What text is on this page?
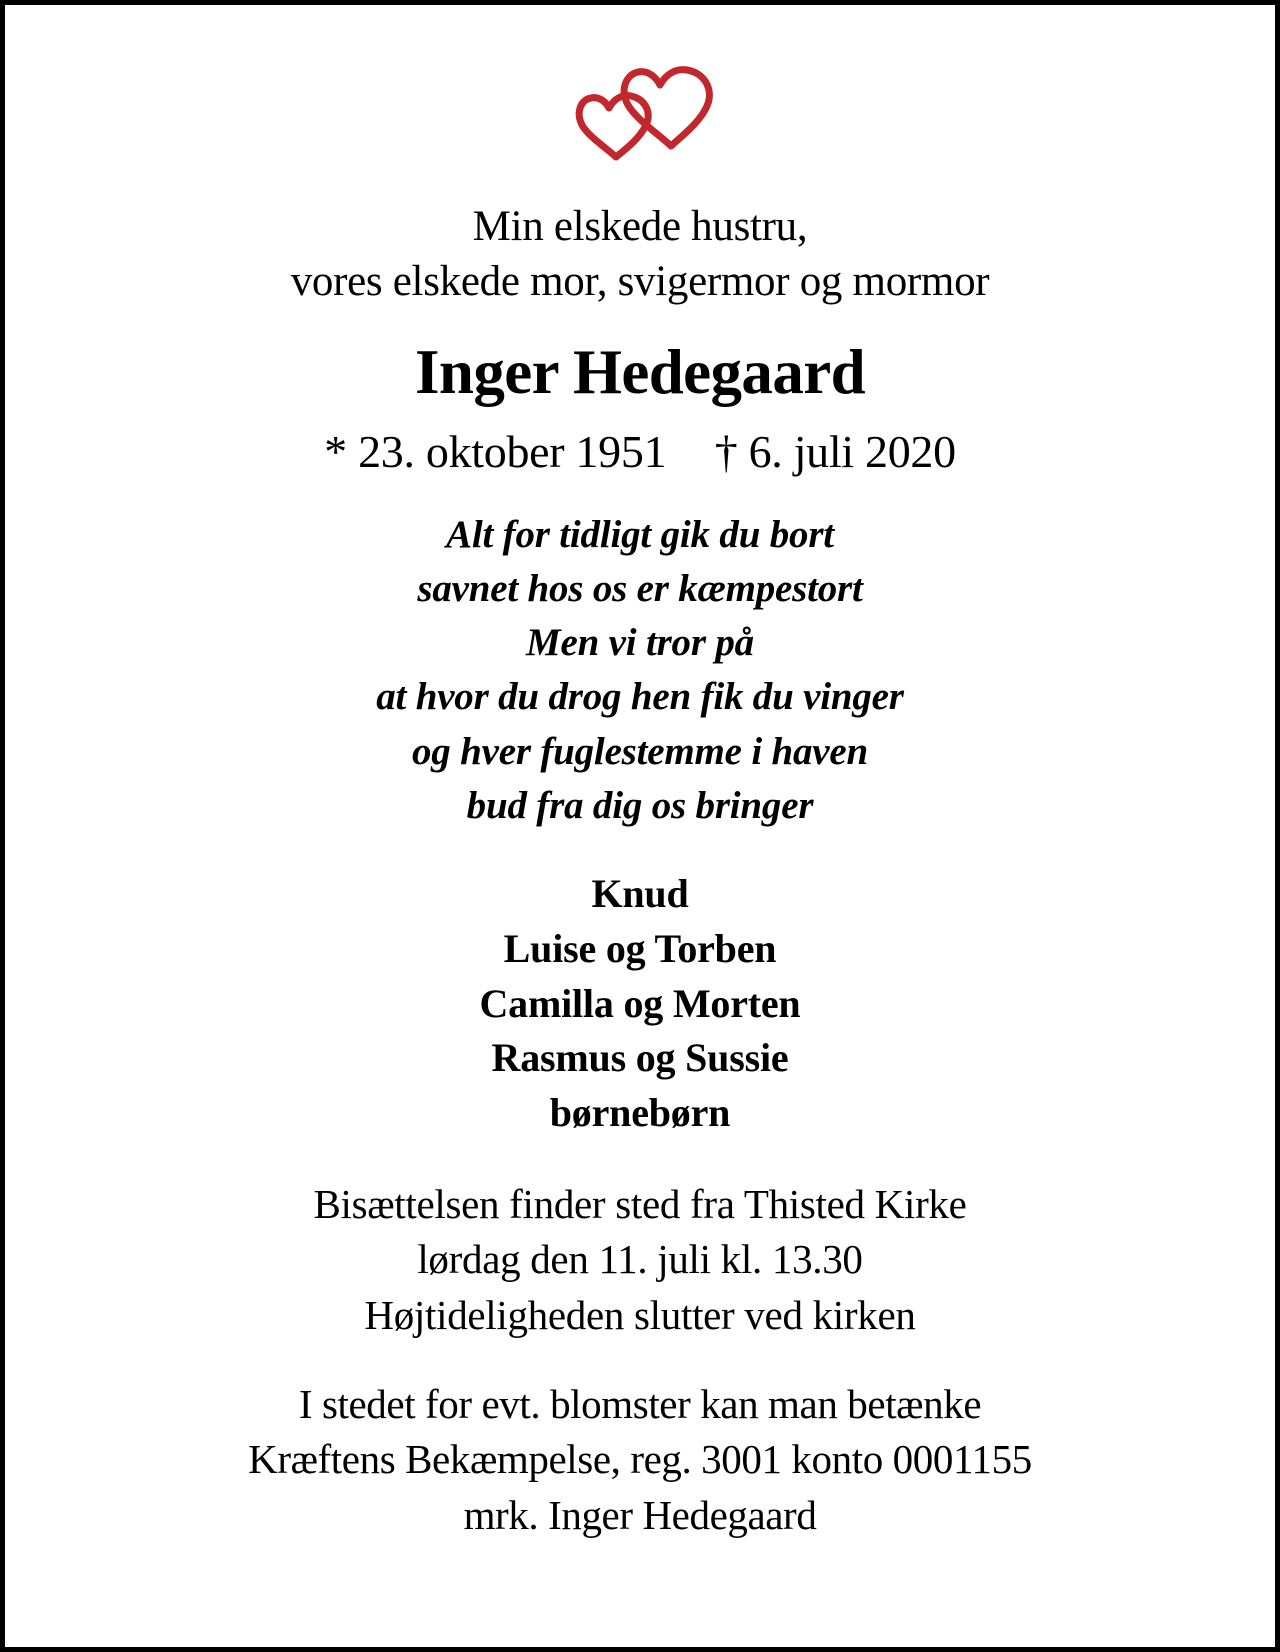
Min elskede hustru,
vores elskede mor, svigermor og mormor
Inger Hedegaard
* 23. oktober 1951 † 6. juli 2020
Alt for tidligt gik du bort
savnet hos os er kæmpestort
Men vi tror på
at hvor du drog hen fik du vinger
og hver fuglestemme i haven
bud fra dig os bringer
Knud
Luise og Torben
Camilla og Morten
Rasmus og Sussie
børnebørn
Bisættelsen finder sted fra Thisted Kirke
lørdag den 11. juli kl. 13.30
Højtideligheden slutter ved kirken
I stedet for evt. blomster kan man betænke
Kræftens Bekæmpelse, reg. 3001 konto 0001155
mrk. Inger Hedegaard
